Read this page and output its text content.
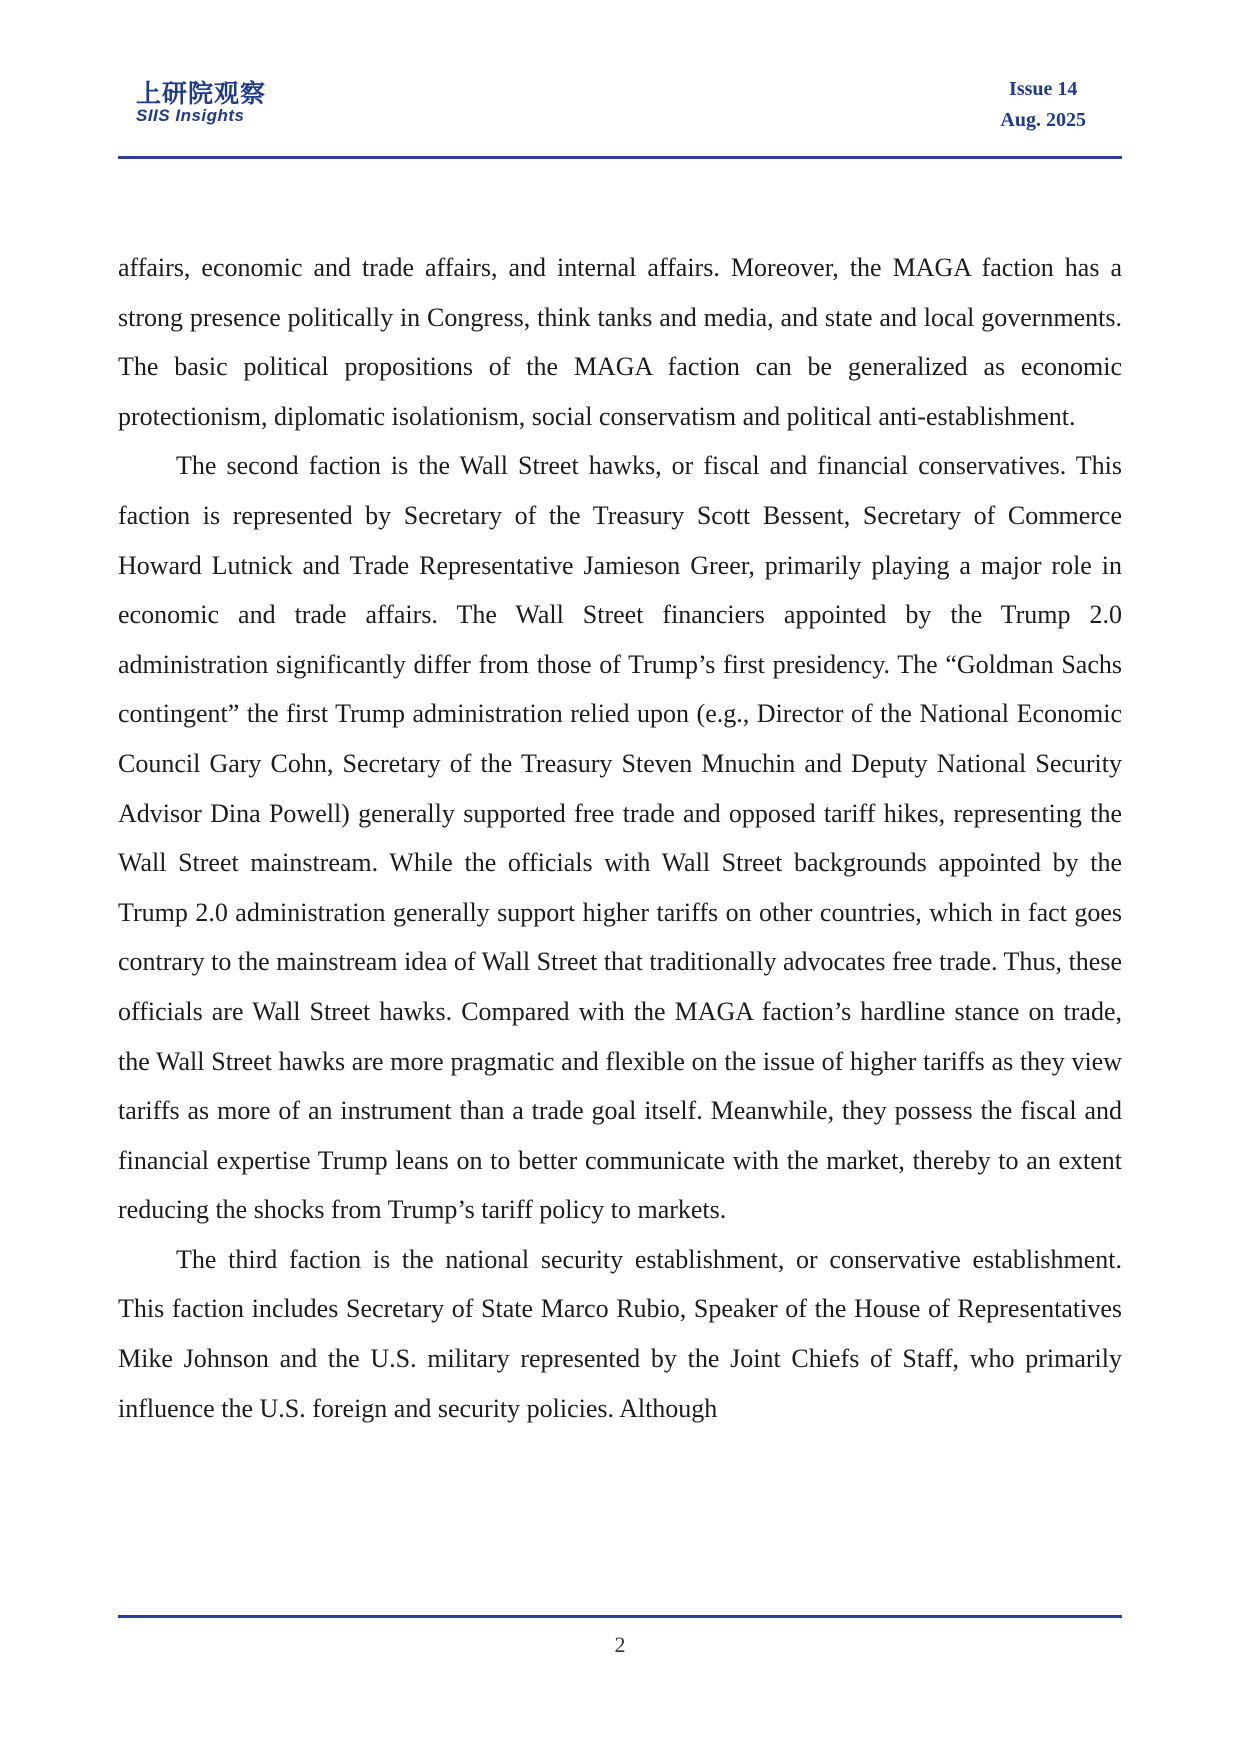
上研院观察
SIIS Insights
Issue 14
Aug. 2025

affairs, economic and trade affairs, and internal affairs. Moreover, the MAGA faction has a strong presence politically in Congress, think tanks and media, and state and local governments. The basic political propositions of the MAGA faction can be generalized as economic protectionism, diplomatic isolationism, social conservatism and political anti-establishment.

The second faction is the Wall Street hawks, or fiscal and financial conservatives. This faction is represented by Secretary of the Treasury Scott Bessent, Secretary of Commerce Howard Lutnick and Trade Representative Jamieson Greer, primarily playing a major role in economic and trade affairs. The Wall Street financiers appointed by the Trump 2.0 administration significantly differ from those of Trump’s first presidency. The “Goldman Sachs contingent” the first Trump administration relied upon (e.g., Director of the National Economic Council Gary Cohn, Secretary of the Treasury Steven Mnuchin and Deputy National Security Advisor Dina Powell) generally supported free trade and opposed tariff hikes, representing the Wall Street mainstream. While the officials with Wall Street backgrounds appointed by the Trump 2.0 administration generally support higher tariffs on other countries, which in fact goes contrary to the mainstream idea of Wall Street that traditionally advocates free trade. Thus, these officials are Wall Street hawks. Compared with the MAGA faction’s hardline stance on trade, the Wall Street hawks are more pragmatic and flexible on the issue of higher tariffs as they view tariffs as more of an instrument than a trade goal itself. Meanwhile, they possess the fiscal and financial expertise Trump leans on to better communicate with the market, thereby to an extent reducing the shocks from Trump’s tariff policy to markets.

The third faction is the national security establishment, or conservative establishment. This faction includes Secretary of State Marco Rubio, Speaker of the House of Representatives Mike Johnson and the U.S. military represented by the Joint Chiefs of Staff, who primarily influence the U.S. foreign and security policies. Although

2
